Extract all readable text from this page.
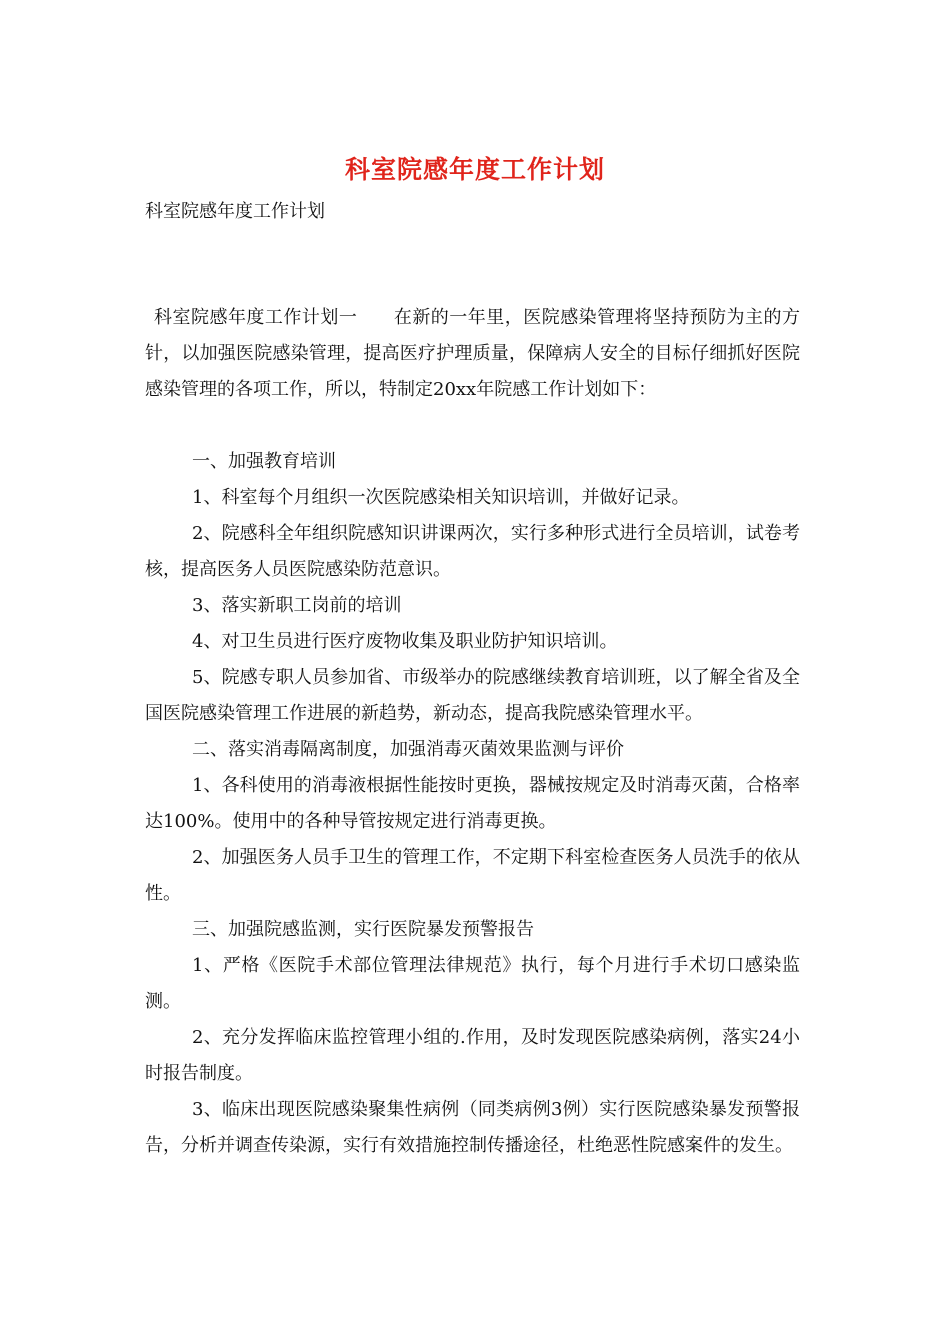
科室院感年度工作计划
科室院感年度工作计划

科室院感年度工作计划一 在新的一年里，医院感染管理将坚持预防为主的方针，以加强医院感染管理，提高医疗护理质量，保障病人安全的目标仔细抓好医院感染管理的各项工作，所以，特制定20xx年院感工作计划如下：

一、加强教育培训

1、科室每个月组织一次医院感染相关知识培训，并做好记录。

2、院感科全年组织院感知识讲课两次，实行多种形式进行全员培训，试卷考核，提高医务人员医院感染防范意识。

3、落实新职工岗前的培训

4、对卫生员进行医疗废物收集及职业防护知识培训。

5、院感专职人员参加省、市级举办的院感继续教育培训班，以了解全省及全国医院感染管理工作进展的新趋势，新动态，提高我院感染管理水平。

二、落实消毒隔离制度，加强消毒灭菌效果监测与评价

1、各科使用的消毒液根据性能按时更换，器械按规定及时消毒灭菌，合格率达100%。使用中的各种导管按规定进行消毒更换。

2、加强医务人员手卫生的管理工作，不定期下科室检查医务人员洗手的依从性。

三、加强院感监测，实行医院暴发预警报告

1、严格《医院手术部位管理法律规范》执行，每个月进行手术切口感染监测。

2、充分发挥临床监控管理小组的.作用，及时发现医院感染病例，落实24小时报告制度。

3、临床出现医院感染聚集性病例（同类病例3例）实行医院感染暴发预警报告，分析并调查传染源，实行有效措施控制传播途径，杜绝恶性院感案件的发生。
